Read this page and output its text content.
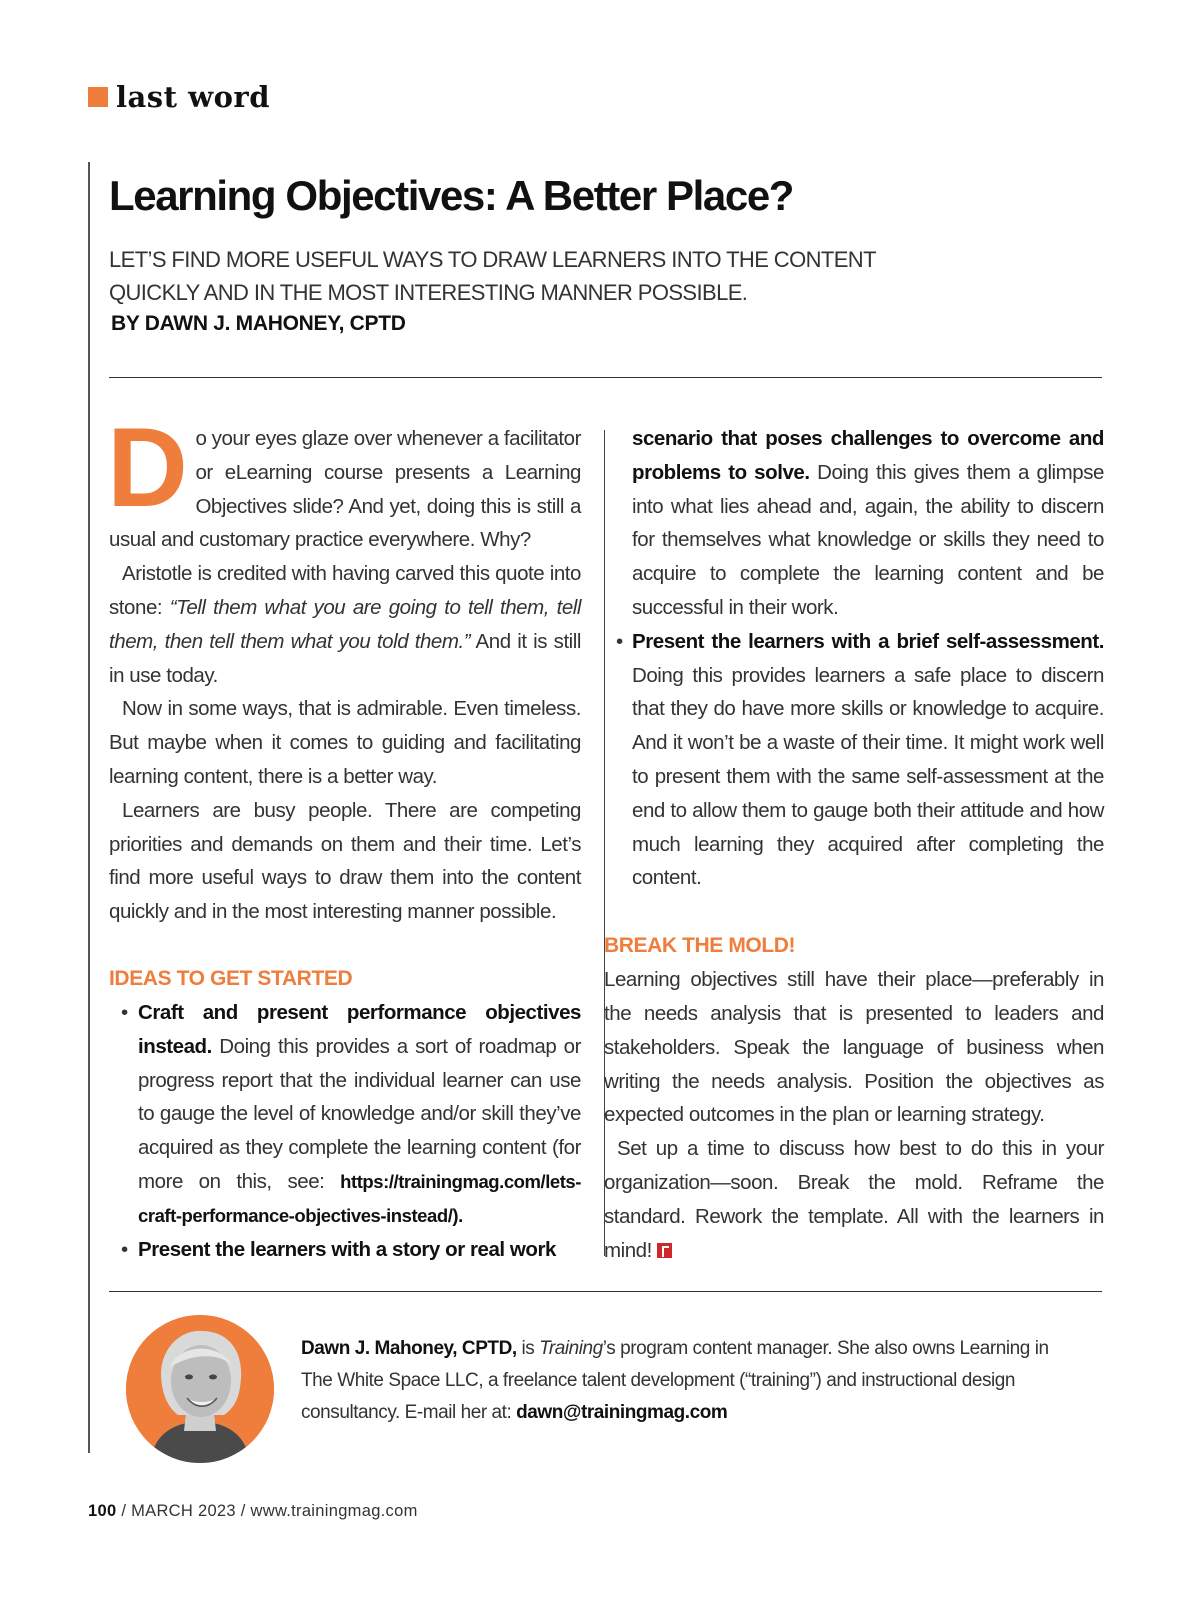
last word
Learning Objectives: A Better Place?
LET’S FIND MORE USEFUL WAYS TO DRAW LEARNERS INTO THE CONTENT
QUICKLY AND IN THE MOST INTERESTING MANNER POSSIBLE.
BY DAWN J. MAHONEY, CPTD

Do your eyes glaze over whenever a facilitator or eLearning course presents a Learning Objectives slide? And yet, doing this is still a usual and customary practice everywhere. Why?

Aristotle is credited with having carved this quote into stone: “Tell them what you are going to tell them, tell them, then tell them what you told them.” And it is still in use today.

Now in some ways, that is admirable. Even timeless. But maybe when it comes to guiding and facilitating learning content, there is a better way.

Learners are busy people. There are competing priorities and demands on them and their time. Let’s find more useful ways to draw them into the content quickly and in the most interesting manner possible.

IDEAS TO GET STARTED
• Craft and present performance objectives instead. Doing this provides a sort of roadmap or progress report that the individual learner can use to gauge the level of knowledge and/or skill they’ve acquired as they complete the learning content (for more on this, see: https://trainingmag.com/lets-craft-performance-objectives-instead/).
• Present the learners with a story or real work

scenario that poses challenges to overcome and problems to solve. Doing this gives them a glimpse into what lies ahead and, again, the ability to discern for themselves what knowledge or skills they need to acquire to complete the learning content and be successful in their work.

• Present the learners with a brief self-assessment. Doing this provides learners a safe place to discern that they do have more skills or knowledge to acquire. And it won’t be a waste of their time. It might work well to present them with the same self-assessment at the end to allow them to gauge both their attitude and how much learning they acquired after completing the content.
BREAK THE MOLD!

Learning objectives still have their place—preferably in the needs analysis that is presented to leaders and stakeholders. Speak the language of business when writing the needs analysis. Position the objectives as expected outcomes in the plan or learning strategy.

Set up a time to discuss how best to do this in your organization—soon. Break the mold. Reframe the standard. Rework the template. All with the learners in mind!

Dawn J. Mahoney, CPTD, is Training’s program content manager. She also owns Learning in The White Space LLC, a freelance talent development (“training”) and instructional design consultancy. E-mail her at: dawn@trainingmag.com
100 / MARCH 2023 / www.trainingmag.com
